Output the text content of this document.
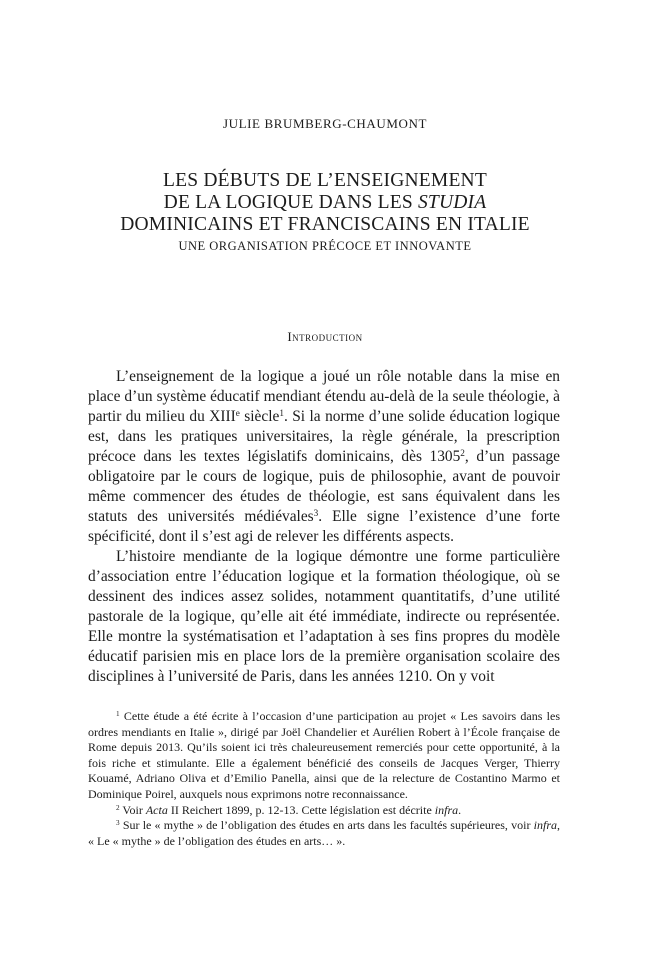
JULIE BRUMBERG-CHAUMONT
LES DÉBUTS DE L’ENSEIGNEMENT
DE LA LOGIQUE DANS LES STUDIA
DOMINICAINS ET FRANCISCAINS EN ITALIE
UNE ORGANISATION PRÉCOCE ET INNOVANTE
Introduction

L’enseignement de la logique a joué un rôle notable dans la mise en place d’un système éducatif mendiant étendu au-delà de la seule théologie, à partir du milieu du XIIIe siècle$^1$. Si la norme d’une solide éducation logique est, dans les pratiques universitaires, la règle générale, la prescription précoce dans les textes législatifs dominicains, dès 1305$^2$, d’un passage obligatoire par le cours de logique, puis de philosophie, avant de pouvoir même commencer des études de théologie, est sans équivalent dans les statuts des universités médiévales$^3$. Elle signe l’existence d’une forte spécificité, dont il s’est agi de relever les différents aspects.

L’histoire mendiante de la logique démontre une forme particulière d’association entre l’éducation logique et la formation théologique, où se dessinent des indices assez solides, notamment quantitatifs, d’une utilité pastorale de la logique, qu’elle ait été immédiate, indirecte ou représentée. Elle montre la systématisation et l’adaptation à ses fins propres du modèle éducatif parisien mis en place lors de la première organisation scolaire des disciplines à l’université de Paris, dans les années 1210. On y voit

$^1$ Cette étude a été écrite à l’occasion d’une participation au projet « Les savoirs dans les ordres mendiants en Italie », dirigé par Joël Chandelier et Aurélien Robert à l’École française de Rome depuis 2013. Qu’ils soient ici très chaleureusement remerciés pour cette opportunité, à la fois riche et stimulante. Elle a également bénéficié des conseils de Jacques Verger, Thierry Kouamé, Adriano Oliva et d’Emilio Panella, ainsi que de la relecture de Costantino Marmo et Dominique Poirel, auxquels nous exprimons notre reconnaissance.

$^2$ Voir Acta II Reichert 1899, p. 12-13. Cette législation est décrite infra.

$^3$ Sur le « mythe » de l’obligation des études en arts dans les facultés supérieures, voir infra, « Le « mythe » de l’obligation des études en arts… ».
